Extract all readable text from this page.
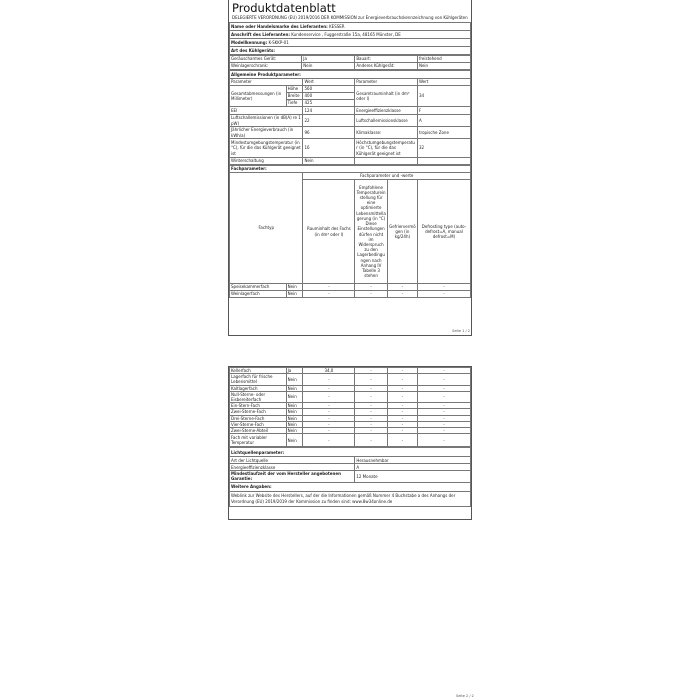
Produktdatenblatt
DELEGIERTE VERORDNUNG (EU) 2019/2016 DER KOMMISSION zur Energieverbrauchskennzeichnung von Kühlgeräten
Name oder Handelsmarke des Lieferanten: KESSER
Anschrift des Lieferanten: Kundenservice , Fuggerstraße 15a, 48165 Münster, DE
Modellkennung: K-SKKP-01
Art des Kühlgeräts:
Geräuscharmes Gerät:	Ja	Bauart:	freistehend
Weinlagerschrank:	Nein	Anderes Kühlgerät:	Nein
Allgemeine Produktparameter:				
Parameter		Wert	Parameter	Wert
Gesamtabmessungen (in Millimeter)	Höhe	560	Gesamtrauminhalt (in dm³ oder l)	34
	Breite	400		
	Tiefe	425		
EEI		124	Energieeffizienzklasse	F
Luftschallemissionen (in dB(A) re 1 pW)		22	Luftschallemissionsklasse	A
Jährlicher Energieverbrauch (in kWh/a)		96	Klimaklasse:	tropische Zone
Mindestumgebungstemperatur (in °C), für die das Kühlgerät geeignet ist		16	Höchstumgebungstemperatur (in °C), für die das Kühlgerät geeignet ist	32
Winterschaltung		Nein		
Fachparameter:					
Fachtyp		Fachparameter und -werte			
		Rauminhalt des Fachs (in dm³ oder l)	Empfohlene Temperatureinstellung für eine optimierte Lebensmittellagerung (in °C) Diese Einstellungen dürfen nicht im Widerspruch zu den Lagerbedingungen nach Anhang IV Tabelle 3 stehen	Gefriervermögen (in kg/24h)	Defrosting type (auto-defrost=A, manual defrost=M)
Speisekammerfach	Nein	-	-	-	-
Weinlagerfach	Nein	-	-	-	-
Seite 1 / 2
Kellerfach	Ja	34,0	-	-	-
Lagerfach für frische Lebensmittel	Nein	-	-	-	-
Kaltlagerfach	Nein	-	-	-	-
Null-Sterne- oder Eisbereiterfach	Nein	-	-	-	-
Ein-Stern-Fach	Nein	-	-	-	-
Zwei-Sterne-Fach	Nein	-	-	-	-
Drei-Sterne-Fach	Nein	-	-	-	-
Vier-Sterne-Fach	Nein	-	-	-	-
Zwei-Sterne-Abteil	Nein	-	-	-	-
Fach mit variabler Temperatur	Nein	-	-	-	-
Lichtquellenparameter:	
Art der Lichtquelle	Herausnehmbar
Energieeffizienzklasse	A
Mindestlaufzeit der vom Hersteller angebotenen Garantie:	12 Monate
Weitere Angaben:	
Weblink zur Website des Herstellers, auf der die Informationen gemäß Nummer 4 Buchstabe a des Anhangs der Verordnung (EU) 2019/2019 der Kommission zu finden sind: www.8w34online.de	
Seite 2 / 2
